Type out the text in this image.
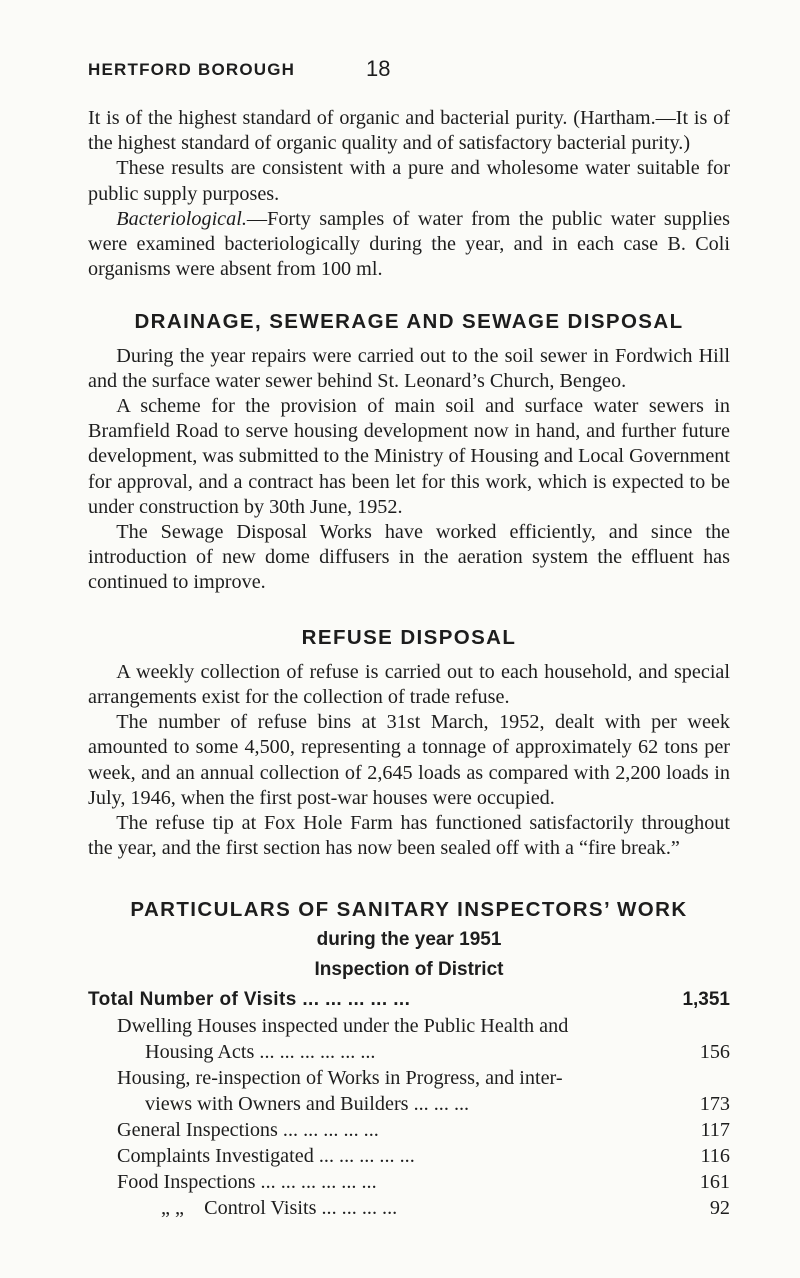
HERTFORD BOROUGH	18

It is of the highest standard of organic and bacterial purity. (Hartham.—It is of the highest standard of organic quality and of satisfactory bacterial purity.)

These results are consistent with a pure and wholesome water suitable for public supply purposes.

Bacteriological.—Forty samples of water from the public water supplies were examined bacteriologically during the year, and in each case B. Coli organisms were absent from 100 ml.

DRAINAGE, SEWERAGE AND SEWAGE DISPOSAL

During the year repairs were carried out to the soil sewer in Fordwich Hill and the surface water sewer behind St. Leonard’s Church, Bengeo.

A scheme for the provision of main soil and surface water sewers in Bramfield Road to serve housing development now in hand, and further future development, was submitted to the Ministry of Housing and Local Government for approval, and a contract has been let for this work, which is expected to be under construction by 30th June, 1952.

The Sewage Disposal Works have worked efficiently, and since the introduction of new dome diffusers in the aeration system the effluent has continued to improve.

REFUSE DISPOSAL

A weekly collection of refuse is carried out to each household, and special arrangements exist for the collection of trade refuse.

The number of refuse bins at 31st March, 1952, dealt with per week amounted to some 4,500, representing a tonnage of approximately 62 tons per week, and an annual collection of 2,645 loads as compared with 2,200 loads in July, 1946, when the first post-war houses were occupied.

The refuse tip at Fox Hole Farm has functioned satisfactorily throughout the year, and the first section has now been sealed off with a “fire break.”

PARTICULARS OF SANITARY INSPECTORS’ WORK
during the year 1951
Inspection of District
Total Number of Visits ... ... ... ... ...	1,351
Dwelling Houses inspected under the Public Health and
Housing Acts ... ... ... ... ... ...	156
Housing, re-inspection of Works in Progress, and inter-
views with Owners and Builders ... ... ...	173
General Inspections ... ... ... ... ...	117
Complaints Investigated ... ... ... ... ...	116
Food Inspections ... ... ... ... ... ...	161
„ „ Control Visits ... ... ... ...	92
